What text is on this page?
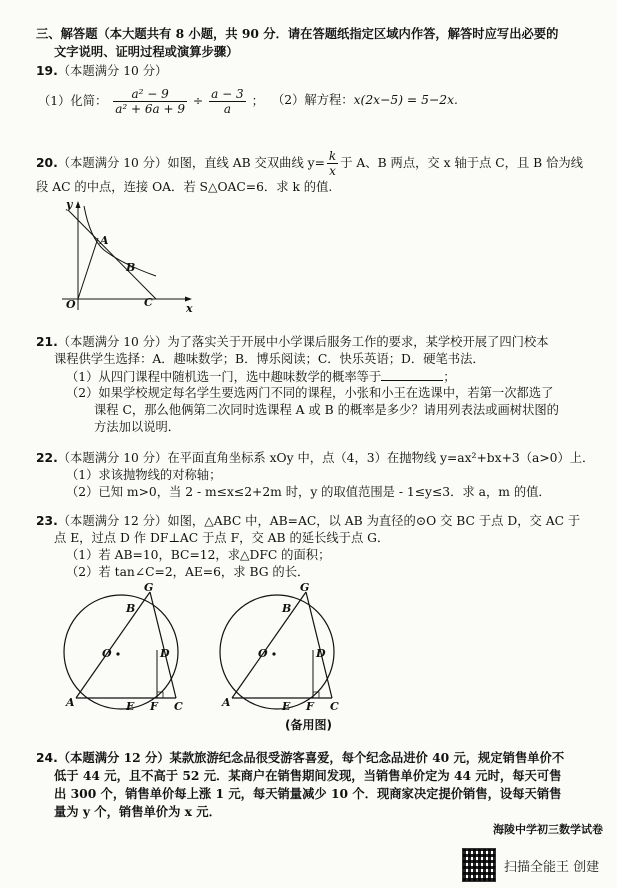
三、解答题（本大题共有 8 小题，共 90 分．请在答题纸指定区域内作答，解答时应写出必要的
文字说明、证明过程或演算步骤）
19.（本题满分 10 分）
（1）化简： $\frac{\text{a² − 9}}{\text{a² + 6a + 9}} \div \frac{a - 3}{a}$ ； （2）解方程：x(2x−5) = 5−2x.
20.（本题满分 10 分）如图，直线 AB 交双曲线 $y= \frac{k}{x}$ 于 A、B 两点，交 x 轴于点 C，且 B 恰为线
段 AC 的中点，连接 OA．若 S△OAC=6．求 k 的值.
y
x
O
A
B
C
21.（本题满分 10 分）为了落实关于开展中小学课后服务工作的要求，某学校开展了四门校本
课程供学生选择：A．趣味数学；B．博乐阅读；C．快乐英语；D．硬笔书法．
（1）从四门课程中随机选一门，选中趣味数学的概率等于	；
（2）如果学校规定每名学生要选两门不同的课程，小张和小王在选课中，若第一次都选了
课程 C，那么他俩第二次同时选课程 A 或 B 的概率是多少？请用列表法或画树状图的
方法加以说明．
22.（本题满分 10 分）在平面直角坐标系 xOy 中，点（4，3）在抛物线 y=ax²+bx+3（a>0）上．
（1）求该抛物线的对称轴；
（2）已知 m>0，当 2 - m≤x≤2+2m 时，y 的取值范围是 - 1≤y≤3．求 a，m 的值．
23.（本题满分 12 分）如图，△ABC 中，AB=AC，以 AB 为直径的⊙O 交 BC 于点 D，交 AC 于
点 E，过点 D 作 DF⊥AC 于点 F，交 AB 的延长线于点 G．
（1）若 AB=10，BC=12，求△DFC 的面积；
（2）若 tan∠C=2，AE=6，求 BG 的长．
G
B
O	D
A	E F C
G
B
O	D
A	E F C
(备用图)
24.（本题满分 12 分）某款旅游纪念品很受游客喜爱，每个纪念品进价 40 元，规定销售单价不
低于 44 元，且不高于 52 元．某商户在销售期间发现，当销售单价定为 44 元时，每天可售
出 300 个，销售单价每上涨 1 元，每天销量减少 10 个．现商家决定提价销售，设每天销售
量为 y 个，销售单价为 x 元．
海陵中学初三数学试卷
扫描全能王 创建
